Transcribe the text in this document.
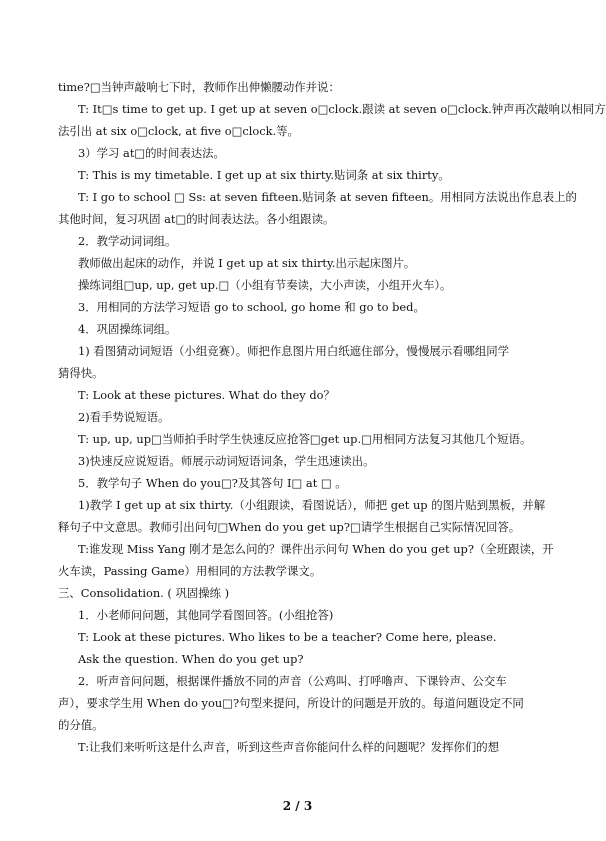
time?□当钟声敲响七下时，教师作出伸懒腰动作并说：
T: It□s time to get up. I get up at seven o□clock.跟读 at seven o□clock.钟声再次敲响以相同方
法引出 at six o□clock, at five o□clock.等。
3）学习 at□的时间表达法。
T: This is my timetable. I get up at six thirty.贴词条 at six thirty。
T: I go to school □ Ss: at seven fifteen.贴词条 at seven fifteen。用相同方法说出作息表上的
其他时间，复习巩固 at□的时间表达法。各小组跟读。
2．教学动词词组。
教师做出起床的动作，并说 I get up at six thirty.出示起床图片。
操练词组□up, up, get up.□（小组有节奏读，大小声读，小组开火车）。
3．用相同的方法学习短语 go to school, go home 和 go to bed。
4．巩固操练词组。
1) 看图猜动词短语（小组竞赛）。师把作息图片用白纸遮住部分，慢慢展示看哪组同学
猜得快。
T: Look at these pictures. What do they do？
2)看手势说短语。
T: up, up, up□当师拍手时学生快速反应抢答□get up.□用相同方法复习其他几个短语。
3)快速反应说短语。师展示动词短语词条，学生迅速读出。
5．教学句子 When do you□?及其答句 I□ at □ 。
1)教学 I get up at six thirty.（小组跟读，看图说话），师把 get up 的图片贴到黑板，并解
释句子中文意思。教师引出问句□When do you get up?□请学生根据自己实际情况回答。
T:谁发现 Miss Yang 刚才是怎么问的？课件出示问句 When do you get up?（全班跟读，开
火车读，Passing Game）用相同的方法教学课文。
三、Consolidation. ( 巩固操练 )
1．小老师问问题，其他同学看图回答。(小组抢答)
T: Look at these pictures. Who likes to be a teacher? Come here, please.
Ask the question. When do you get up?
2．听声音问问题，根据课件播放不同的声音（公鸡叫、打呼噜声、下课铃声、公交车
声），要求学生用 When do you□?句型来提问，所设计的问题是开放的。每道问题设定不同
的分值。
T:让我们来听听这是什么声音，听到这些声音你能问什么样的问题呢？发挥你们的想
2 / 3
